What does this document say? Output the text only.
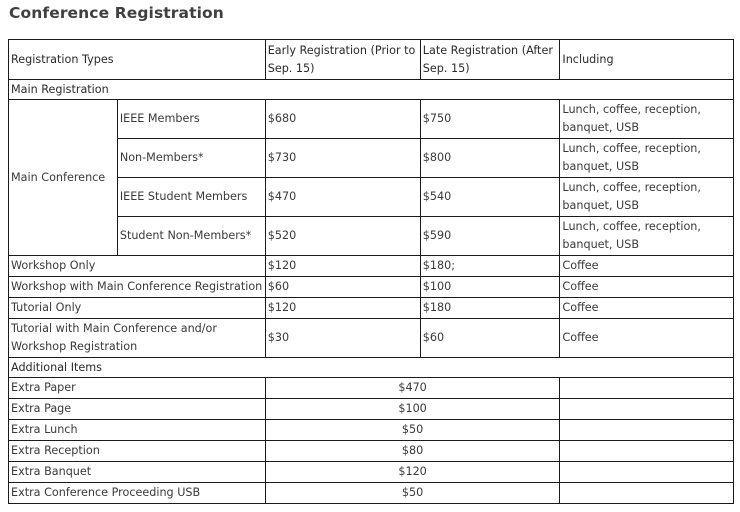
Conference Registration
Registration Types		Early Registration (Prior to Sep. 15)	Late Registration (After Sep. 15)	Including
Main Registration				
Main Conference	IEEE Members	$680	$750	Lunch, coffee, reception, banquet, USB
	Non-Members*	$730	$800	Lunch, coffee, reception, banquet, USB
	IEEE Student Members	$470	$540	Lunch, coffee, reception, banquet, USB
	Student Non-Members*	$520	$590	Lunch, coffee, reception, banquet, USB
Workshop Only		$120	$180;	Coffee
Workshop with Main Conference Registration		$60	$100	Coffee
Tutorial Only		$120	$180	Coffee
Tutorial with Main Conference and/or Workshop Registration		$30	$60	Coffee
Additional Items				
Extra Paper		$470		
Extra Page		$100		
Extra Lunch		$50		
Extra Reception		$80		
Extra Banquet		$120		
Extra Conference Proceeding USB		$50		
